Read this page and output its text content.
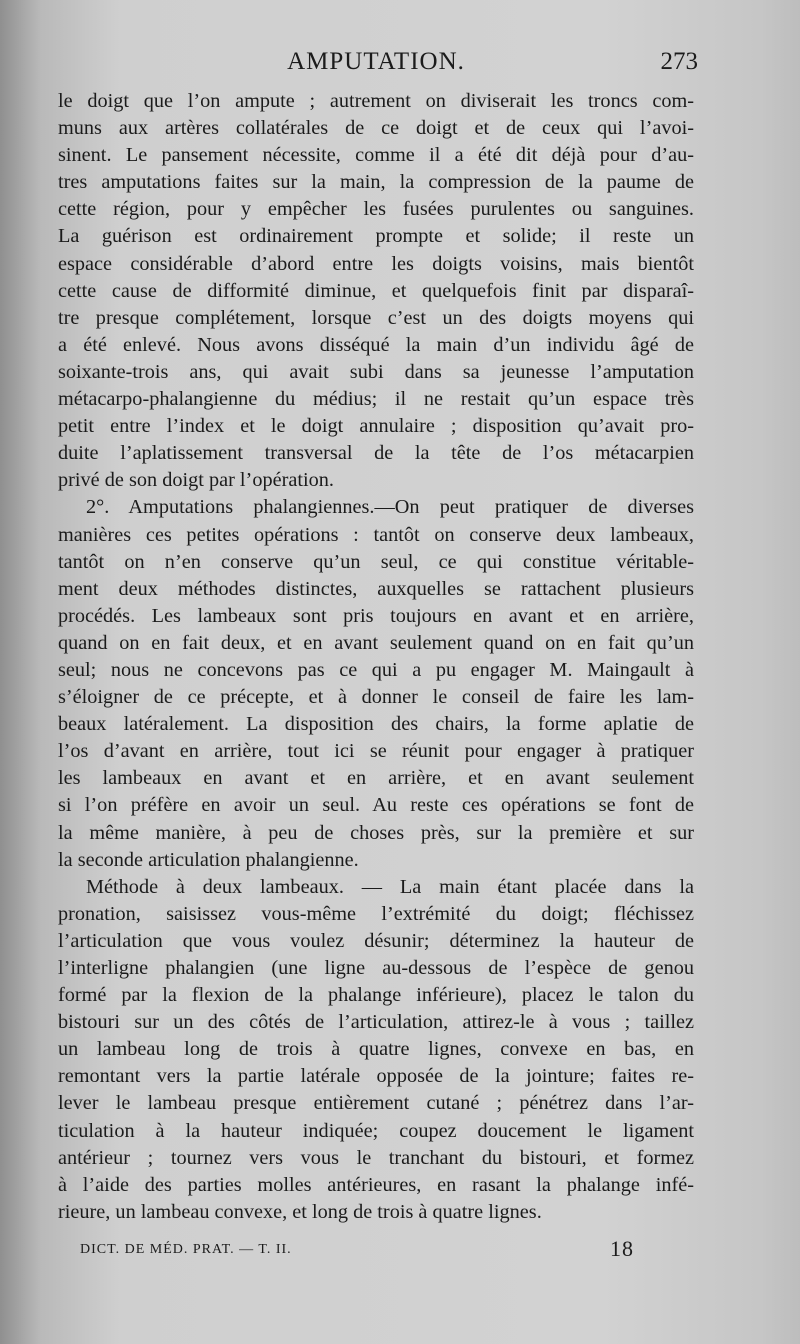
AMPUTATION.	273
le doigt que l’on ampute ; autrement on diviserait les troncs com-
muns aux artères collatérales de ce doigt et de ceux qui l’avoi-
sinent. Le pansement nécessite, comme il a été dit déjà pour d’au-
tres amputations faites sur la main, la compression de la paume de
cette région, pour y empêcher les fusées purulentes ou sanguines.
La guérison est ordinairement prompte et solide; il reste un
espace considérable d’abord entre les doigts voisins, mais bientôt
cette cause de difformité diminue, et quelquefois finit par disparaî-
tre presque complétement, lorsque c’est un des doigts moyens qui
a été enlevé. Nous avons disséqué la main d’un individu âgé de
soixante-trois ans, qui avait subi dans sa jeunesse l’amputation
métacarpo-phalangienne du médius; il ne restait qu’un espace très
petit entre l’index et le doigt annulaire ; disposition qu’avait pro-
duite l’aplatissement transversal de la tête de l’os métacarpien
privé de son doigt par l’opération.
2°. Amputations phalangiennes.—On peut pratiquer de diverses
manières ces petites opérations : tantôt on conserve deux lambeaux,
tantôt on n’en conserve qu’un seul, ce qui constitue véritable-
ment deux méthodes distinctes, auxquelles se rattachent plusieurs
procédés. Les lambeaux sont pris toujours en avant et en arrière,
quand on en fait deux, et en avant seulement quand on en fait qu’un
seul; nous ne concevons pas ce qui a pu engager M. Maingault à
s’éloigner de ce précepte, et à donner le conseil de faire les lam-
beaux latéralement. La disposition des chairs, la forme aplatie de
l’os d’avant en arrière, tout ici se réunit pour engager à pratiquer
les lambeaux en avant et en arrière, et en avant seulement
si l’on préfère en avoir un seul. Au reste ces opérations se font de
la même manière, à peu de choses près, sur la première et sur
la seconde articulation phalangienne.
Méthode à deux lambeaux. — La main étant placée dans la
pronation, saisissez vous-même l’extrémité du doigt; fléchissez
l’articulation que vous voulez désunir; déterminez la hauteur de
l’interligne phalangien (une ligne au-dessous de l’espèce de genou
formé par la flexion de la phalange inférieure), placez le talon du
bistouri sur un des côtés de l’articulation, attirez-le à vous ; taillez
un lambeau long de trois à quatre lignes, convexe en bas, en
remontant vers la partie latérale opposée de la jointure; faites re-
lever le lambeau presque entièrement cutané ; pénétrez dans l’ar-
ticulation à la hauteur indiquée; coupez doucement le ligament
antérieur ; tournez vers vous le tranchant du bistouri, et formez
à l’aide des parties molles antérieures, en rasant la phalange infé-
rieure, un lambeau convexe, et long de trois à quatre lignes.
DICT. DE MÉD. PRAT. — T. II.	18
